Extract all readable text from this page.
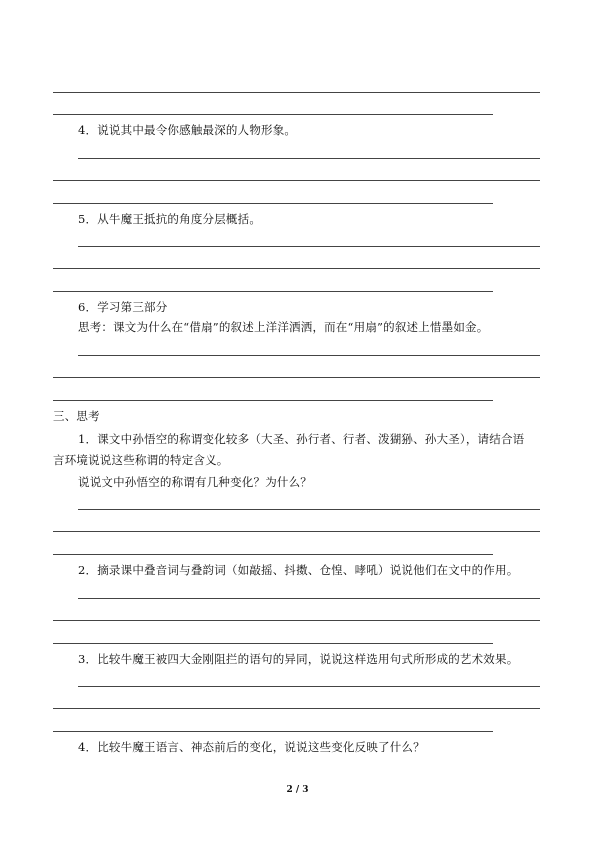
4．说说其中最令你感触最深的人物形象。
5．从牛魔王抵抗的角度分层概括。
6．学习第三部分
思考：课文为什么在“借扇”的叙述上洋洋洒洒，而在“用扇”的叙述上惜墨如金。
三、思考
1．课文中孙悟空的称谓变化较多（大圣、孙行者、行者、泼猢狲、孙大圣），请结合语
言环境说说这些称谓的特定含义。
说说文中孙悟空的称谓有几种变化？为什么？
2．摘录课中叠音词与叠韵词（如敲摇、抖擞、仓惶、哮吼）说说他们在文中的作用。
3．比较牛魔王被四大金刚阻拦的语句的异同，说说这样选用句式所形成的艺术效果。
4．比较牛魔王语言、神态前后的变化，说说这些变化反映了什么？
2 / 3
